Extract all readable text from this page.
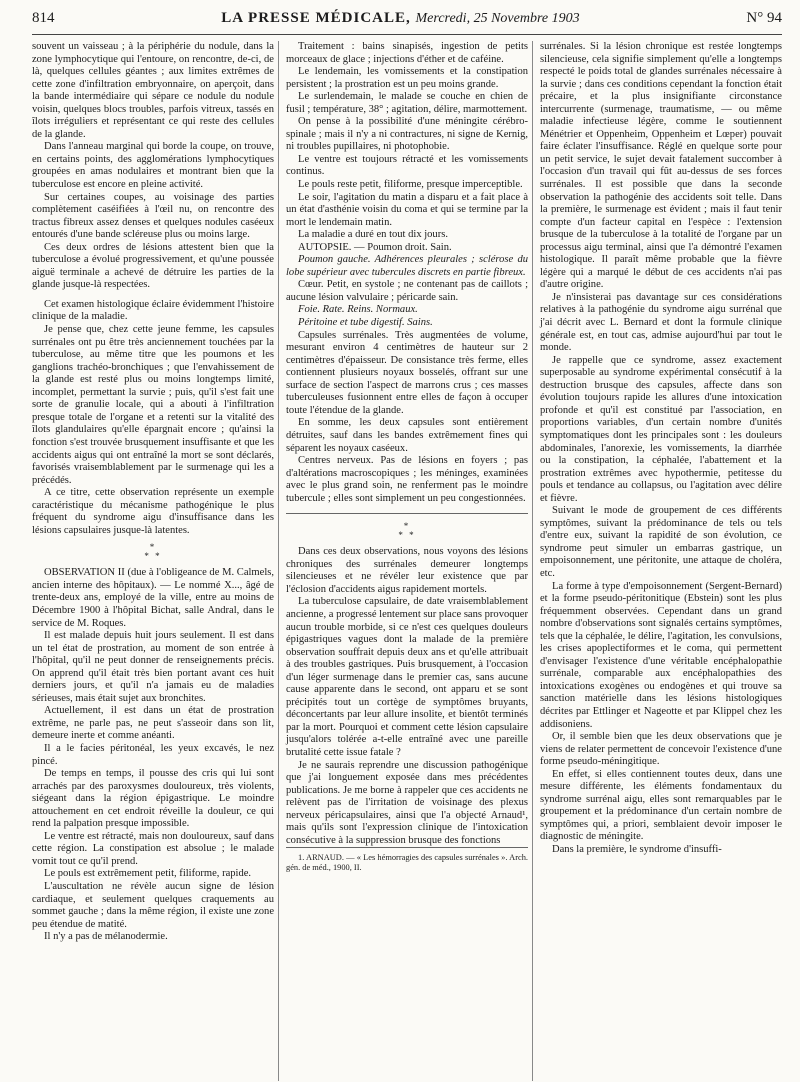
814	LA PRESSE MÉDICALE, Mercredi, 25 Novembre 1903	N° 94

souvent un vaisseau ; à la périphérie du nodule, dans la zone lymphocytique qui l'entoure, on rencontre, de-ci, de là, quelques cellules géantes ; aux limites extrêmes de cette zone d'infiltration embryonnaire, on aperçoit, dans la bande intermédiaire qui sépare ce nodule du nodule voisin, quelques blocs troubles, parfois vitreux, tassés en îlots irréguliers et représentant ce qui reste des cellules de la glande.

Dans l'anneau marginal qui borde la coupe, on trouve, en certains points, des agglomérations lymphocytiques groupées en amas nodulaires et montrant bien que la tuberculose est encore en pleine activité.

Sur certaines coupes, au voisinage des parties complètement caséifiées à l'œil nu, on rencontre des tractus fibreux assez denses et quelques nodules caséeux entourés d'une bande scléreuse plus ou moins large.

Ces deux ordres de lésions attestent bien que la tuberculose a évolué progressivement, et qu'une poussée aiguë terminale a achevé de détruire les parties de la glande jusque-là respectées.

Cet examen histologique éclaire évidemment l'histoire clinique de la maladie.

Je pense que, chez cette jeune femme, les capsules surrénales ont pu être très anciennement touchées par la tuberculose, au même titre que les poumons et les ganglions trachéo-bronchiques ; que l'envahissement de la glande est resté plus ou moins longtemps limité, incomplet, permettant la survie ; puis, qu'il s'est fait une sorte de granulie locale, qui a abouti à l'infiltration presque totale de l'organe et a retenti sur la vitalité des îlots glandulaires qu'elle épargnait encore ; qu'ainsi la fonction s'est trouvée brusquement insuffisante et que les accidents aigus qui ont entraîné la mort se sont déclarés, favorisés vraisemblablement par le surmenage qui les a précédés.

A ce titre, cette observation représente un exemple caractéristique du mécanisme pathogénique le plus fréquent du syndrome aigu d'insuffisance dans les lésions capsulaires jusque-là latentes.

*
* *

OBSERVATION II (due à l'obligeance de M. Calmels, ancien interne des hôpitaux). — Le nommé X..., âgé de trente-deux ans, employé de la ville, entre au moins de Décembre 1900 à l'hôpital Bichat, salle Andral, dans le service de M. Roques.

Il est malade depuis huit jours seulement. Il est dans un tel état de prostration, au moment de son entrée à l'hôpital, qu'il ne peut donner de renseignements précis. On apprend qu'il était très bien portant avant ces huit derniers jours, et qu'il n'a jamais eu de maladies sérieuses, mais était sujet aux bronchites.

Actuellement, il est dans un état de prostration extrême, ne parle pas, ne peut s'asseoir dans son lit, demeure inerte et comme anéanti.

Il a le facies péritonéal, les yeux excavés, le nez pincé.

De temps en temps, il pousse des cris qui lui sont arrachés par des paroxysmes douloureux, très violents, siégeant dans la région épigastrique. Le moindre attouchement en cet endroit réveille la douleur, ce qui rend la palpation presque impossible.

Le ventre est rétracté, mais non douloureux, sauf dans cette région. La constipation est absolue ; le malade vomit tout ce qu'il prend.

Le pouls est extrêmement petit, filiforme, rapide.

L'auscultation ne révèle aucun signe de lésion cardiaque, et seulement quelques craquements au sommet gauche ; dans la même région, il existe une zone peu étendue de matité.

Il n'y a pas de mélanodermie.

Traitement : bains sinapisés, ingestion de petits morceaux de glace ; injections d'éther et de caféine.

Le lendemain, les vomissements et la constipation persistent ; la prostration est un peu moins grande.

Le surlendemain, le malade se couche en chien de fusil ; température, 38° ; agitation, délire, marmottement.

On pense à la possibilité d'une méningite cérébro-spinale ; mais il n'y a ni contractures, ni signe de Kernig, ni troubles pupillaires, ni photophobie.

Le ventre est toujours rétracté et les vomissements continus.

Le pouls reste petit, filiforme, presque imperceptible.

Le soir, l'agitation du matin a disparu et a fait place à un état d'asthénie voisin du coma et qui se termine par la mort le lendemain matin.

La maladie a duré en tout dix jours.

AUTOPSIE. — Poumon droit. Sain.

Poumon gauche. Adhérences pleurales ; sclérose du lobe supérieur avec tubercules discrets en partie fibreux.

Cœur. Petit, en systole ; ne contenant pas de caillots ; aucune lésion valvulaire ; péricarde sain.

Foie. Rate. Reins. Normaux.

Péritoine et tube digestif. Sains.

Capsules surrénales. Très augmentées de volume, mesurant environ 4 centimètres de hauteur sur 2 centimètres d'épaisseur. De consistance très ferme, elles contiennent plusieurs noyaux bosselés, offrant sur une surface de section l'aspect de marrons crus ; ces masses tuberculeuses fusionnent entre elles de façon à occuper toute l'étendue de la glande.

En somme, les deux capsules sont entièrement détruites, sauf dans les bandes extrêmement fines qui séparent les noyaux caséeux.

Centres nerveux. Pas de lésions en foyers ; pas d'altérations macroscopiques ; les méninges, examinées avec le plus grand soin, ne renferment pas le moindre tubercule ; elles sont simplement un peu congestionnées.

*
* *

Dans ces deux observations, nous voyons des lésions chroniques des surrénales demeurer longtemps silencieuses et ne révéler leur existence que par l'éclosion d'accidents aigus rapidement mortels.

La tuberculose capsulaire, de date vraisemblablement ancienne, a progressé lentement sur place sans provoquer aucun trouble morbide, si ce n'est ces quelques douleurs épigastriques vagues dont la malade de la première observation souffrait depuis deux ans et qu'elle attribuait à des troubles gastriques. Puis brusquement, à l'occasion d'un léger surmenage dans le premier cas, sans aucune cause apparente dans le second, ont apparu et se sont précipités tout un cortège de symptômes bruyants, déconcertants par leur allure insolite, et bientôt terminés par la mort. Pourquoi et comment cette lésion capsulaire jusqu'alors tolérée a-t-elle entraîné avec une pareille brutalité cette issue fatale ?

Je ne saurais reprendre une discussion pathogénique que j'ai longuement exposée dans mes précédentes publications. Je me borne à rappeler que ces accidents ne relèvent pas de l'irritation de voisinage des plexus nerveux péricapsulaires, ainsi que l'a objecté Arnaud¹, mais qu'ils sont l'expression clinique de l'intoxication consécutive à la suppression brusque des fonctions

1. ARNAUD. — « Les hémorragies des capsules surrénales ». Arch. gén. de méd., 1900, II.

surrénales. Si la lésion chronique est restée longtemps silencieuse, cela signifie simplement qu'elle a longtemps respecté le poids total de glandes surrénales nécessaire à la survie ; dans ces conditions cependant la fonction était précaire, et la plus insignifiante circonstance intercurrente (surmenage, traumatisme, — ou même maladie infectieuse légère, comme le soutiennent Ménétrier et Oppenheim, Oppenheim et Lœper) pouvait faire éclater l'insuffisance. Réglé en quelque sorte pour un petit service, le sujet devait fatalement succomber à l'occasion d'un travail qui fût au-dessus de ses forces surrénales. Il est possible que dans la seconde observation la pathogénie des accidents soit telle. Dans la première, le surmenage est évident ; mais il faut tenir compte d'un facteur capital en l'espèce : l'extension brusque de la tuberculose à la totalité de l'organe par un processus aigu terminal, ainsi que l'a démontré l'examen histologique. Il paraît même probable que la fièvre légère qui a marqué le début de ces accidents n'ai pas d'autre origine.

Je n'insisterai pas davantage sur ces considérations relatives à la pathogénie du syndrome aigu surrénal que j'ai décrit avec L. Bernard et dont la formule clinique générale est, en tout cas, admise aujourd'hui par tout le monde.

Je rappelle que ce syndrome, assez exactement superposable au syndrome expérimental consécutif à la destruction brusque des capsules, affecte dans son évolution toujours rapide les allures d'une intoxication profonde et qu'il est constitué par l'association, en proportions variables, d'un certain nombre d'unités symptomatiques dont les principales sont : les douleurs abdominales, l'anorexie, les vomissements, la diarrhée ou la constipation, la céphalée, l'abattement et la prostration extrêmes avec hypothermie, petitesse du pouls et tendance au collapsus, ou l'agitation avec délire et fièvre.

Suivant le mode de groupement de ces différents symptômes, suivant la prédominance de tels ou tels d'entre eux, suivant la rapidité de son évolution, ce syndrome peut simuler un embarras gastrique, un empoisonnement, une péritonite, une attaque de choléra, etc.

La forme à type d'empoisonnement (Sergent-Bernard) et la forme pseudo-péritonitique (Ebstein) sont les plus fréquemment observées. Cependant dans un grand nombre d'observations sont signalés certains symptômes, tels que la céphalée, le délire, l'agitation, les convulsions, les crises apoplectiformes et le coma, qui permettent d'envisager l'existence d'une véritable encéphalopathie surrénale, comparable aux encéphalopathies des intoxications exogènes ou endogènes et qui trouve sa sanction matérielle dans les lésions histologiques décrites par Ettlinger et Nageotte et par Klippel chez les addisoniens.

Or, il semble bien que les deux observations que je viens de relater permettent de concevoir l'existence d'une forme pseudo-méningitique.

En effet, si elles contiennent toutes deux, dans une mesure différente, les éléments fondamentaux du syndrome surrénal aigu, elles sont remarquables par le groupement et la prédominance d'un certain nombre de symptômes qui, a priori, semblaient devoir imposer le diagnostic de méningite.

Dans la première, le syndrome d'insuffi-
